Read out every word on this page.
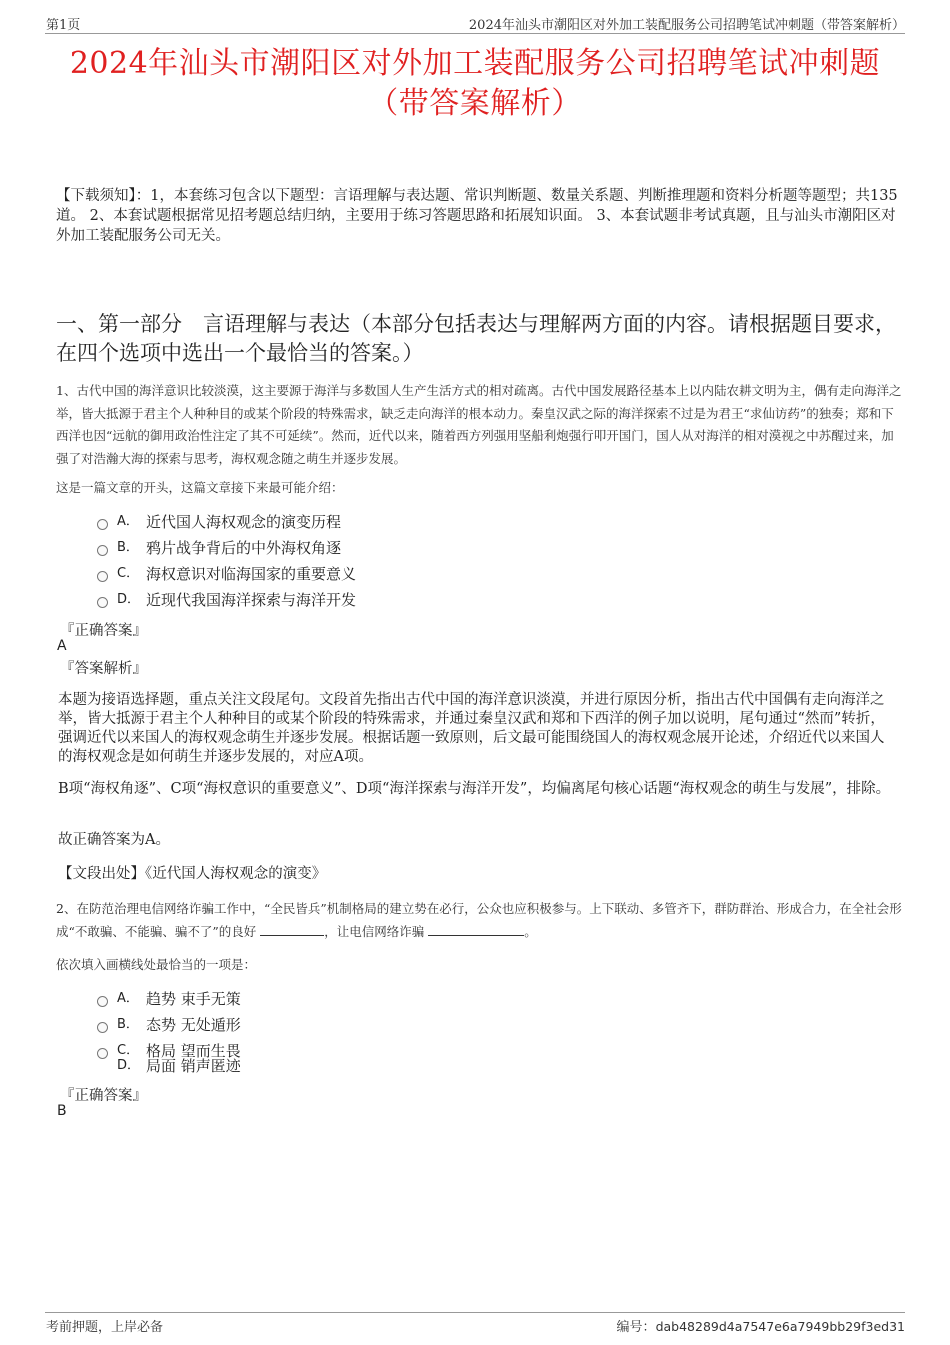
第1页	2024年汕头市潮阳区对外加工装配服务公司招聘笔试冲刺题（带答案解析）
2024年汕头市潮阳区对外加工装配服务公司招聘笔试冲刺题
（带答案解析）
【下载须知】：1，本套练习包含以下题型：言语理解与表达题、常识判断题、数量关系题、判断推理题和资料分析题等题型；共135道。 2、本套试题根据常见招考题总结归纳，主要用于练习答题思路和拓展知识面。 3、本套试题非考试真题，且与汕头市潮阳区对外加工装配服务公司无关。
一、第一部分　言语理解与表达（本部分包括表达与理解两方面的内容。请根据题目要求，在四个选项中选出一个最恰当的答案。）
1、古代中国的海洋意识比较淡漠，这主要源于海洋与多数国人生产生活方式的相对疏离。古代中国发展路径基本上以内陆农耕文明为主，偶有走向海洋之举，皆大抵源于君主个人种种目的或某个阶段的特殊需求，缺乏走向海洋的根本动力。秦皇汉武之际的海洋探索不过是为君王“求仙访药”的独奏；郑和下西洋也因“远航的御用政治性注定了其不可延续”。然而，近代以来，随着西方列强用坚船利炮强行叩开国门，国人从对海洋的相对漠视之中苏醒过来，加强了对浩瀚大海的探索与思考，海权观念随之萌生并逐步发展。
这是一篇文章的开头，这篇文章接下来最可能介绍：
A． 近代国人海权观念的演变历程
B． 鸦片战争背后的中外海权角逐
C． 海权意识对临海国家的重要意义
D． 近现代我国海洋探索与海洋开发
『正确答案』
A
『答案解析』
本题为接语选择题，重点关注文段尾句。文段首先指出古代中国的海洋意识淡漠，并进行原因分析，指出古代中国偶有走向海洋之举，皆大抵源于君主个人种种目的或某个阶段的特殊需求，并通过秦皇汉武和郑和下西洋的例子加以说明，尾句通过“然而”转折，强调近代以来国人的海权观念萌生并逐步发展。根据话题一致原则，后文最可能围绕国人的海权观念展开论述，介绍近代以来国人的海权观念是如何萌生并逐步发展的，对应A项。
B项“海权角逐”、C项“海权意识的重要意义”、D项“海洋探索与海洋开发”，均偏离尾句核心话题“海权观念的萌生与发展”，排除。
故正确答案为A。
【文段出处】《近代国人海权观念的演变》
2、在防范治理电信网络诈骗工作中，“全民皆兵”机制格局的建立势在必行，公众也应积极参与。上下联动、多管齐下，群防群治、形成合力，在全社会形成“不敢骗、不能骗、骗不了”的良好	，让电信网络诈骗	。
依次填入画横线处最恰当的一项是：
A． 趋势 束手无策
B． 态势 无处遁形
C． 格局 望而生畏
D． 局面 销声匿迹
『正确答案』
B
考前押题，上岸必备	编号：dab48289d4a7547e6a7949bb29f3ed31
